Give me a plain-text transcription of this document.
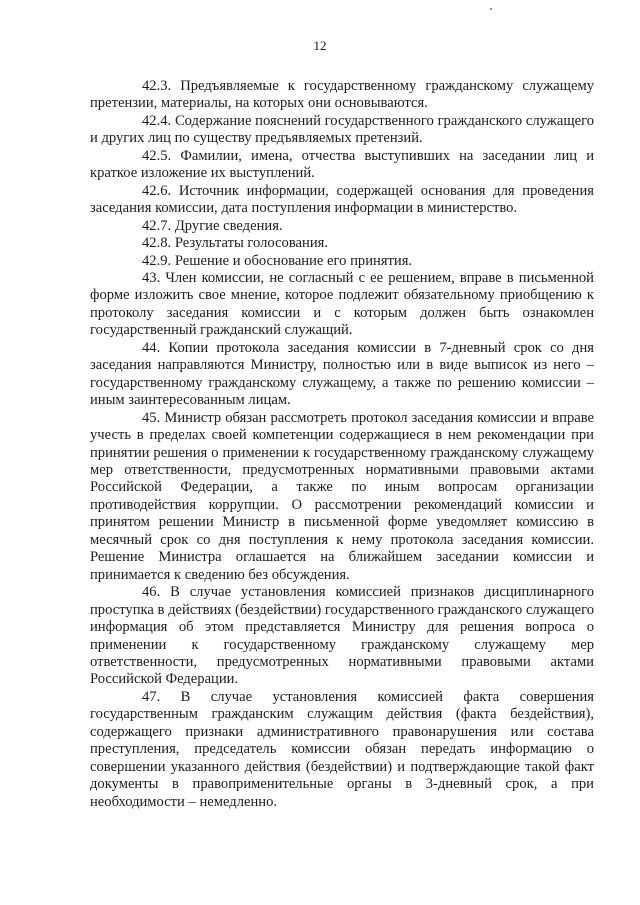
12

42.3. Предъявляемые к государственному гражданскому служащему претензии, материалы, на которых они основываются.

42.4. Содержание пояснений государственного гражданского служащего и других лиц по существу предъявляемых претензий.

42.5. Фамилии, имена, отчества выступивших на заседании лиц и краткое изложение их выступлений.

42.6. Источник информации, содержащей основания для проведения заседания комиссии, дата поступления информации в министерство.

42.7. Другие сведения.

42.8. Результаты голосования.

42.9. Решение и обоснование его принятия.

43. Член комиссии, не согласный с ее решением, вправе в письменной форме изложить свое мнение, которое подлежит обязательному приобщению к протоколу заседания комиссии и с которым должен быть ознакомлен государственный гражданский служащий.

44. Копии протокола заседания комиссии в 7-дневный срок со дня заседания направляются Министру, полностью или в виде выписок из него – государственному гражданскому служащему, а также по решению комиссии – иным заинтересованным лицам.

45. Министр обязан рассмотреть протокол заседания комиссии и вправе учесть в пределах своей компетенции содержащиеся в нем рекомендации при принятии решения о применении к государственному гражданскому служащему мер ответственности, предусмотренных нормативными правовыми актами Российской Федерации, а также по иным вопросам организации противодействия коррупции. О рассмотрении рекомендаций комиссии и принятом решении Министр в письменной форме уведомляет комиссию в месячный срок со дня поступления к нему протокола заседания комиссии. Решение Министра оглашается на ближайшем заседании комиссии и принимается к сведению без обсуждения.

46. В случае установления комиссией признаков дисциплинарного проступка в действиях (бездействии) государственного гражданского служащего информация об этом представляется Министру для решения вопроса о применении к государственному гражданскому служащему мер ответственности, предусмотренных нормативными правовыми актами Российской Федерации.

47. В случае установления комиссией факта совершения государственным гражданским служащим действия (факта бездействия), содержащего признаки административного правонарушения или состава преступления, председатель комиссии обязан передать информацию о совершении указанного действия (бездействии) и подтверждающие такой факт документы в правоприменительные органы в 3-дневный срок, а при необходимости – немедленно.
